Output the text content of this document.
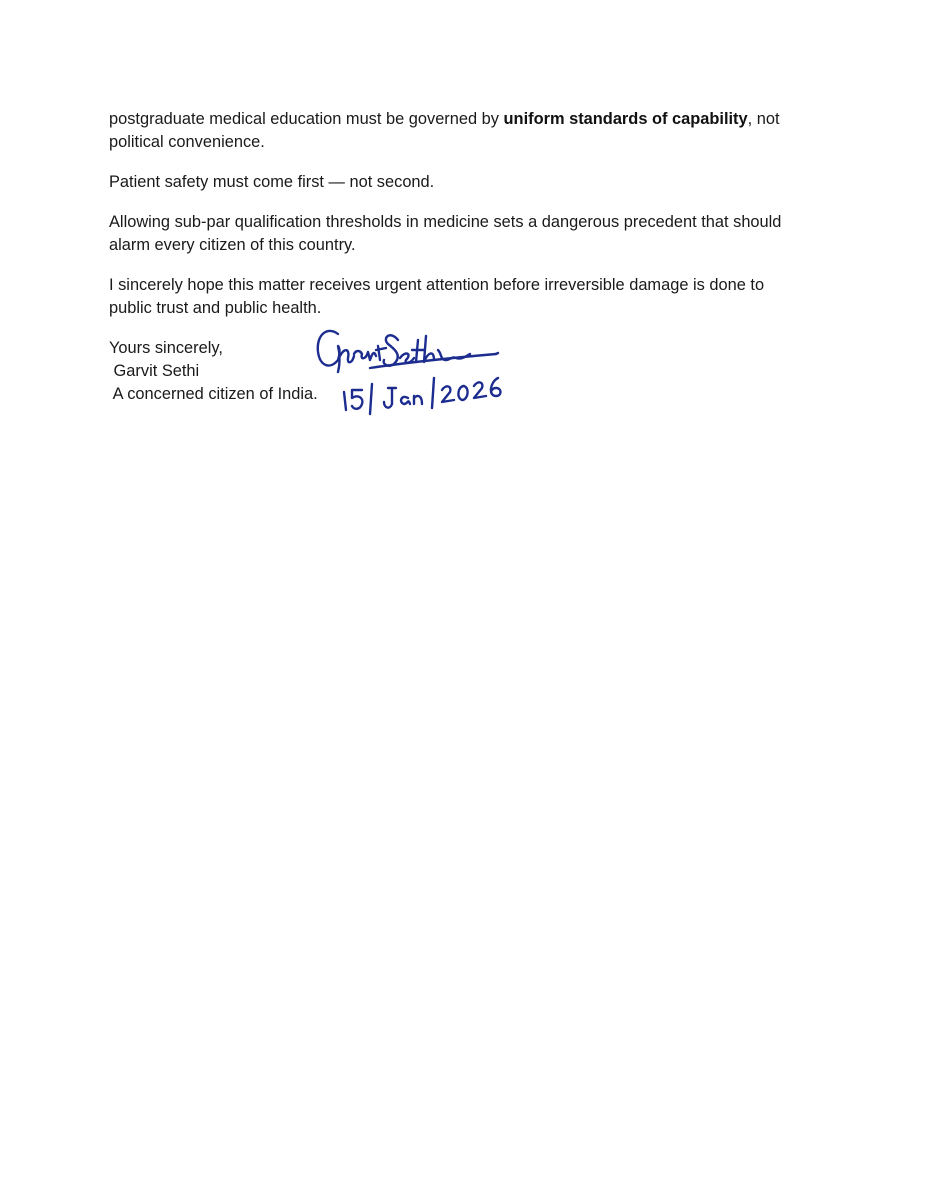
postgraduate medical education must be governed by uniform standards of capability, not political convenience.

Patient safety must come first — not second.

Allowing sub-par qualification thresholds in medicine sets a dangerous precedent that should alarm every citizen of this country.

I sincerely hope this matter receives urgent attention before irreversible damage is done to public trust and public health.

Yours sincerely,
Garvit Sethi
A concerned citizen of India.
